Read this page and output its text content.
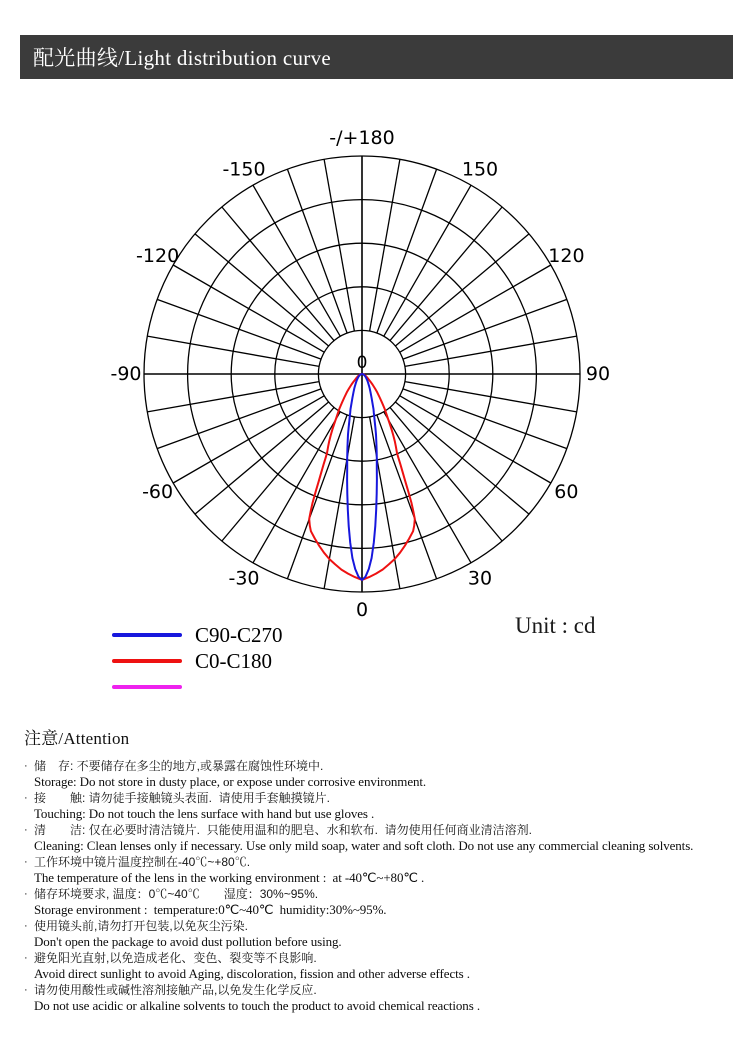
配光曲线/Light distribution curve
-/+180
-150	150
-120	120
-90	90
-60	60
-30	30
0
0
C90-C270
C0-C180
Unit : cd
注意/Attention
· 储　存: 不要储存在多尘的地方,或暴露在腐蚀性环境中.
Storage: Do not store in dusty place, or expose under corrosive environment.
· 接　　触: 请勿徒手接触镜头表面.  请使用手套触摸镜片.
Touching: Do not touch the lens surface with hand but use gloves .
· 清　　洁: 仅在必要时清洁镜片.  只能使用温和的肥皂、水和软布.  请勿使用任何商业清洁溶剂.
Cleaning: Clean lenses only if necessary. Use only mild soap, water and soft cloth. Do not use any commercial cleaning solvents.
· 工作环境中镜片温度控制在-40℃~+80℃.
The temperature of the lens in the working environment :  at -40℃~+80℃ .
· 储存环境要求, 温度：0℃~40℃　　湿度：30%~95%.
Storage environment :  temperature:0℃~40℃  humidity:30%~95%.
· 使用镜头前,请勿打开包装,以免灰尘污染.
Don't open the package to avoid dust pollution before using.
· 避免阳光直射,以免造成老化、变色、裂变等不良影响.
Avoid direct sunlight to avoid Aging, discoloration, fission and other adverse effects .
· 请勿使用酸性或碱性溶剂接触产品,以免发生化学反应.
Do not use acidic or alkaline solvents to touch the product to avoid chemical reactions .
